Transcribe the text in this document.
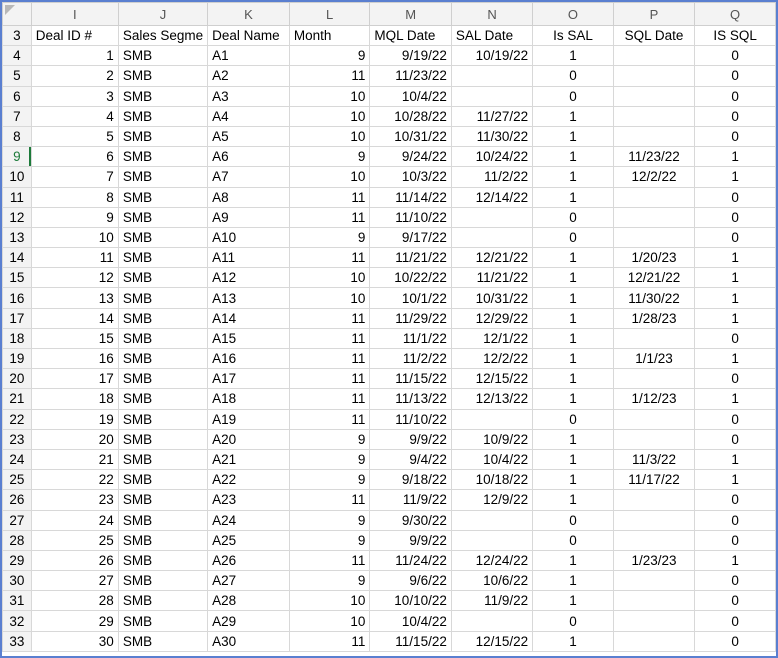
	I	J	K	L	M	N	O	P	Q
3	Deal ID #	Sales Segme	Deal Name	Month	MQL Date	SAL Date	Is SAL	SQL Date	IS SQL
4	1	SMB	A1	9	9/19/22	10/19/22	1		0
5	2	SMB	A2	11	11/23/22		0		0
6	3	SMB	A3	10	10/4/22		0		0
7	4	SMB	A4	10	10/28/22	11/27/22	1		0
8	5	SMB	A5	10	10/31/22	11/30/22	1		0
9	6	SMB	A6	9	9/24/22	10/24/22	1	11/23/22	1
10	7	SMB	A7	10	10/3/22	11/2/22	1	12/2/22	1
11	8	SMB	A8	11	11/14/22	12/14/22	1		0
12	9	SMB	A9	11	11/10/22		0		0
13	10	SMB	A10	9	9/17/22		0		0
14	11	SMB	A11	11	11/21/22	12/21/22	1	1/20/23	1
15	12	SMB	A12	10	10/22/22	11/21/22	1	12/21/22	1
16	13	SMB	A13	10	10/1/22	10/31/22	1	11/30/22	1
17	14	SMB	A14	11	11/29/22	12/29/22	1	1/28/23	1
18	15	SMB	A15	11	11/1/22	12/1/22	1		0
19	16	SMB	A16	11	11/2/22	12/2/22	1	1/1/23	1
20	17	SMB	A17	11	11/15/22	12/15/22	1		0
21	18	SMB	A18	11	11/13/22	12/13/22	1	1/12/23	1
22	19	SMB	A19	11	11/10/22		0		0
23	20	SMB	A20	9	9/9/22	10/9/22	1		0
24	21	SMB	A21	9	9/4/22	10/4/22	1	11/3/22	1
25	22	SMB	A22	9	9/18/22	10/18/22	1	11/17/22	1
26	23	SMB	A23	11	11/9/22	12/9/22	1		0
27	24	SMB	A24	9	9/30/22		0		0
28	25	SMB	A25	9	9/9/22		0		0
29	26	SMB	A26	11	11/24/22	12/24/22	1	1/23/23	1
30	27	SMB	A27	9	9/6/22	10/6/22	1		0
31	28	SMB	A28	10	10/10/22	11/9/22	1		0
32	29	SMB	A29	10	10/4/22		0		0
33	30	SMB	A30	11	11/15/22	12/15/22	1		0
